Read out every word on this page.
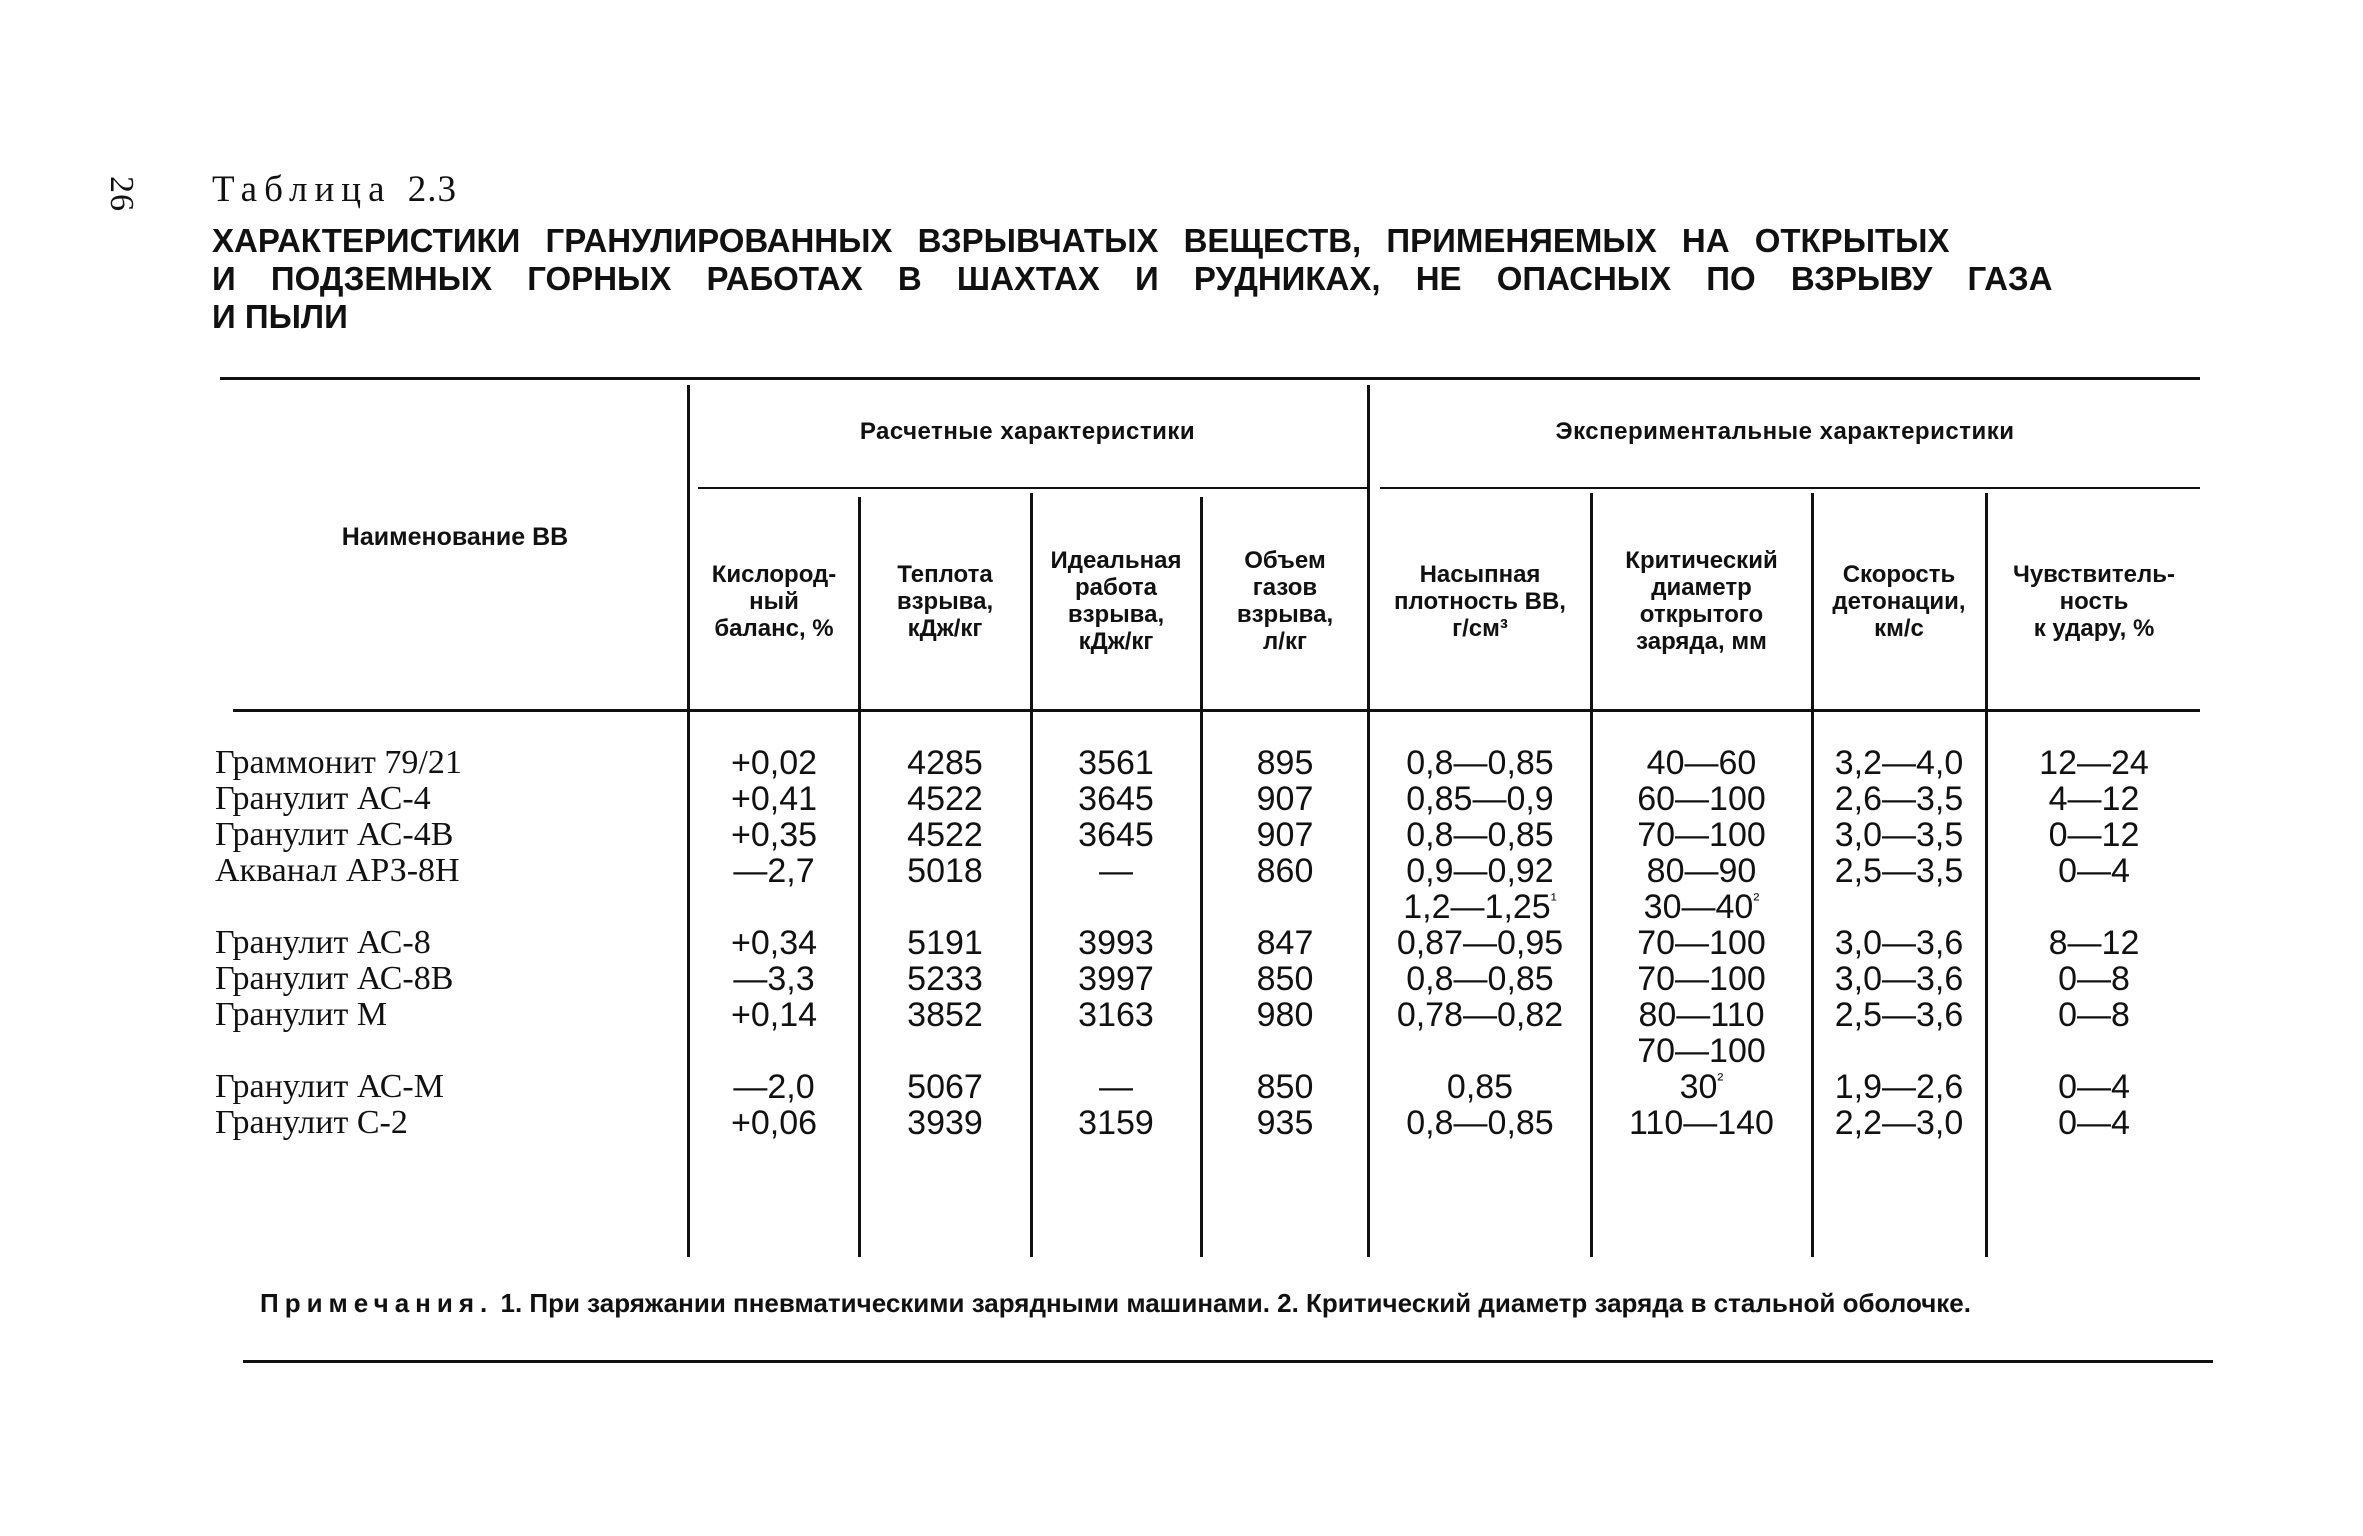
26 Таблица 2.3
ХАРАКТЕРИСТИКИ ГРАНУЛИРОВАННЫХ ВЗРЫВЧАТЫХ ВЕЩЕСТВ, ПРИМЕНЯЕМЫХ НА ОТКРЫТЫХ
И ПОДЗЕМНЫХ ГОРНЫХ РАБОТАХ В ШАХТАХ И РУДНИКАХ, НЕ ОПАСНЫХ ПО ВЗРЫВУ ГАЗА
И ПЫЛИ
Наименование ВВ
Расчетные характеристики	Экспериментальные характеристики
Кислород-
ный
баланс, %
Теплота
взрыва,
кДж/кг
Идеальная
работа
взрыва,
кДж/кг
Объем
газов
взрыва,
л/кг
Насыпная
плотность ВВ,
г/см³
Критический
диаметр
открытого
заряда, мм
Скорость
детонации,
км/с
Чувствитель-
ность
к удару, %
Граммонит 79/21
Гранулит АС-4
Гранулит АС-4В
Акванал АРЗ-8Н
Гранулит АС-8
Гранулит АС-8В
Гранулит М
Гранулит АС-М
Гранулит С-2
+0,02
+0,41
+0,35
—2,7
+0,34
—3,3
+0,14
—2,0
+0,06
4285
4522
4522
5018
5191
5233
3852
5067
3939
3561
3645
3645
—
3993
3997
3163
—
3159
895
907
907
860
847
850
980
850
935
0,8—0,85
0,85—0,9
0,8—0,85
0,9—0,92
$1,2—1,25^{^1}$
0,87—0,95
0,8—0,85
0,78—0,82
0,85
0,8—0,85
40—60
60—100
70—100
80—90
$30—40^{^2}$
70—100
70—100
80—110
70—100
$30^{^2}$
110—140
3,2—4,0
2,6—3,5
3,0—3,5
2,5—3,5
3,0—3,6
3,0—3,6
2,5—3,6
1,9—2,6
2,2—3,0
12—24
4—12
0—12
0—4
8—12
0—8
0—8
0—4
0—4
Примечания. 1. При заряжании пневматическими зарядными машинами. 2. Критический диаметр заряда в стальной оболочке.
